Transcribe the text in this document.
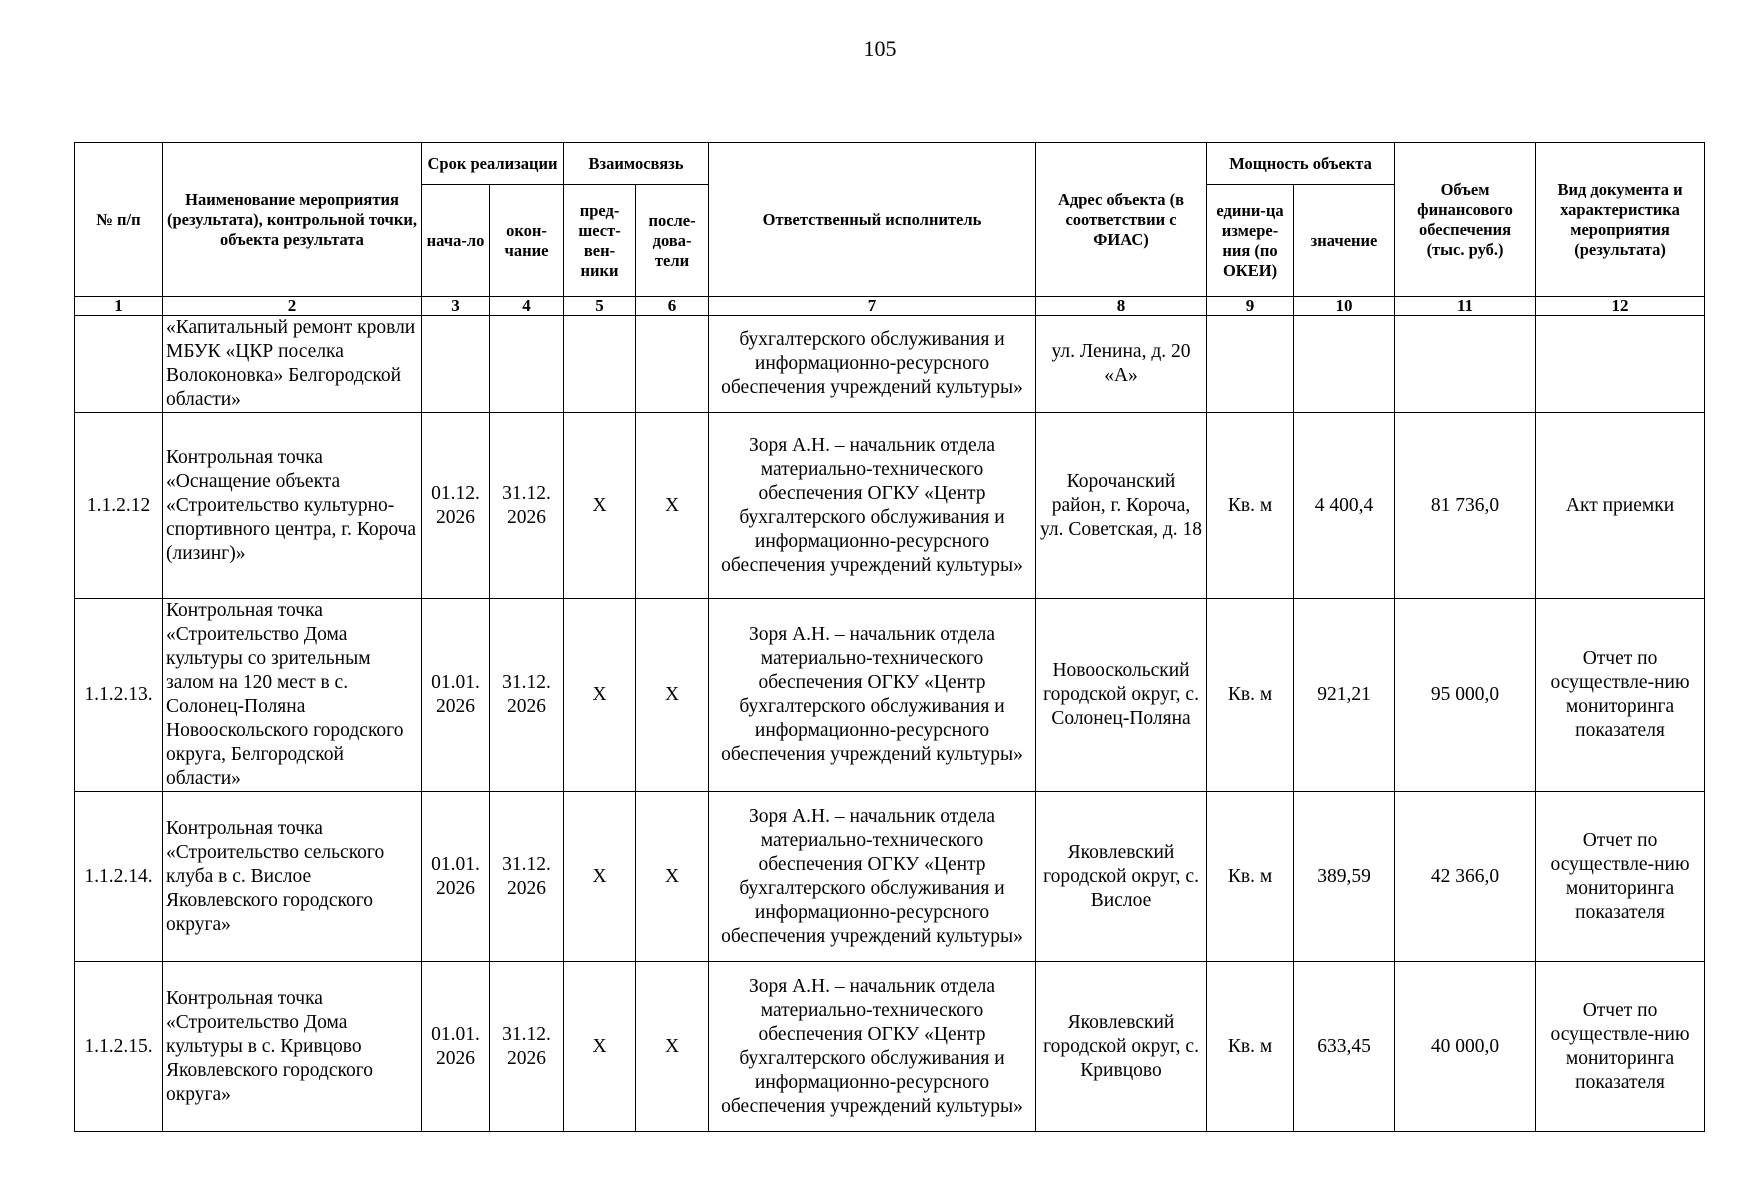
105
№ п/п	Наименование мероприятия (результата), контрольной точки, объекта результата	Срок реализации		Взаимосвязь		Ответственный исполнитель	Адрес объекта (в соответствии с ФИАС)	Мощность объекта		Объем финансового обеспечения (тыс. руб.)	Вид документа и характеристика мероприятия (результата)
		нача-ло	окон-чание	пред-шест-вен-ники	после-дова-тели			едини-ца измере-ния (по ОКЕИ)	значение		
1	2	3	4	5	6	7	8	9	10	11	12
	«Капитальный ремонт кровли МБУК «ЦКР поселка Волоконовка» Белгородской области»					бухгалтерского обслуживания и информационно-ресурсного обеспечения учреждений культуры»	ул. Ленина, д. 20 «А»				
1.1.2.12	Контрольная точка «Оснащение объекта «Строительство культурно-спортивного центра, г. Короча (лизинг)»	01.12. 2026	31.12. 2026	X	X	Зоря А.Н. – начальник отдела материально-технического обеспечения ОГКУ «Центр бухгалтерского обслуживания и информационно-ресурсного обеспечения учреждений культуры»	Корочанский район, г. Короча, ул. Советская, д. 18	Кв. м	4 400,4	81 736,0	Акт приемки
1.1.2.13.	Контрольная точка «Строительство Дома культуры со зрительным залом на 120 мест в с. Солонец-Поляна Новооскольского городского округа, Белгородской области»	01.01. 2026	31.12. 2026	X	X	Зоря А.Н. – начальник отдела материально-технического обеспечения ОГКУ «Центр бухгалтерского обслуживания и информационно-ресурсного обеспечения учреждений культуры»	Новооскольский городской округ, с. Солонец-Поляна	Кв. м	921,21	95 000,0	Отчет по осуществле-нию мониторинга показателя
1.1.2.14.	Контрольная точка «Строительство сельского клуба в с. Вислое Яковлевского городского округа»	01.01. 2026	31.12. 2026	X	X	Зоря А.Н. – начальник отдела материально-технического обеспечения ОГКУ «Центр бухгалтерского обслуживания и информационно-ресурсного обеспечения учреждений культуры»	Яковлевский городской округ, с. Вислое	Кв. м	389,59	42 366,0	Отчет по осуществле-нию мониторинга показателя
1.1.2.15.	Контрольная точка «Строительство Дома культуры в с. Кривцово Яковлевского городского округа»	01.01. 2026	31.12. 2026	X	X	Зоря А.Н. – начальник отдела материально-технического обеспечения ОГКУ «Центр бухгалтерского обслуживания и информационно-ресурсного обеспечения учреждений культуры»	Яковлевский городской округ, с. Кривцово	Кв. м	633,45	40 000,0	Отчет по осуществле-нию мониторинга показателя
